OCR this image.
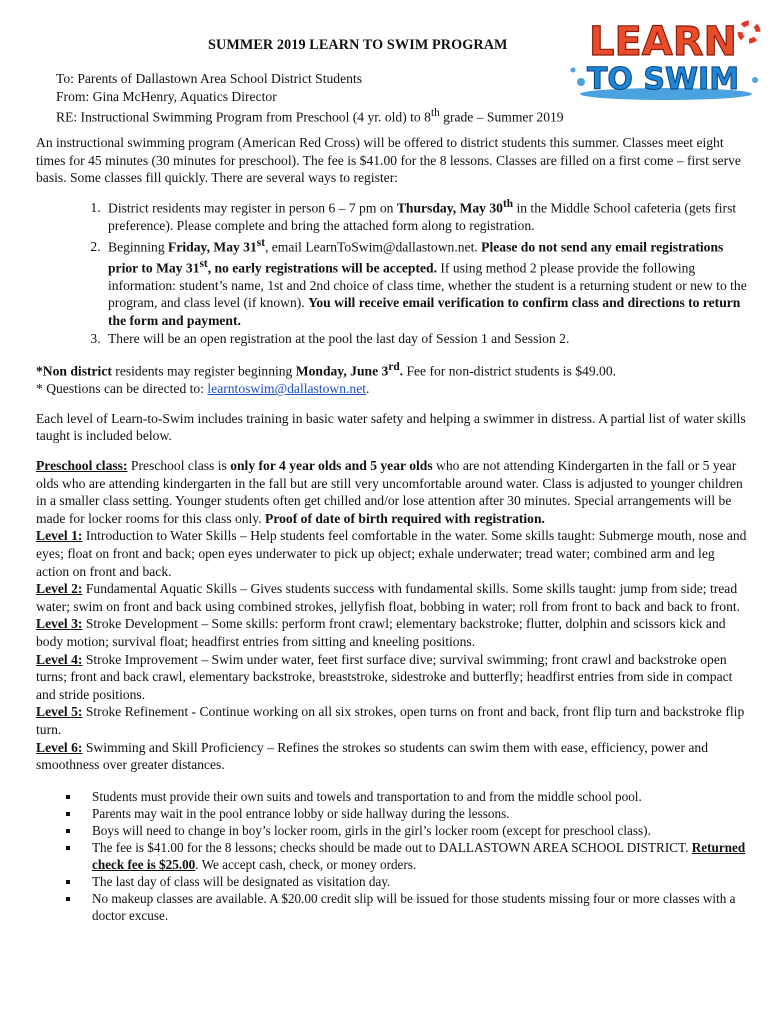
LEARN
TO SWIM
SUMMER 2019 LEARN TO SWIM PROGRAM
To: Parents of Dallastown Area School District Students
From: Gina McHenry, Aquatics Director
RE: Instructional Swimming Program from Preschool (4 yr. old) to 8th grade – Summer 2019

An instructional swimming program (American Red Cross) will be offered to district students this summer. Classes meet eight times for 45 minutes (30 minutes for preschool). The fee is $41.00 for the 8 lessons. Classes are filled on a first come – first serve basis. Some classes fill quickly. There are several ways to register:

1. District residents may register in person 6 – 7 pm on Thursday, May 30th in the Middle School cafeteria (gets first preference). Please complete and bring the attached form along to registration.
2. Beginning Friday, May 31st, email LearnToSwim@dallastown.net. Please do not send any email registrations prior to May 31st, no early registrations will be accepted. If using method 2 please provide the following information: student’s name, 1st and 2nd choice of class time, whether the student is a returning student or new to the program, and class level (if known). You will receive email verification to confirm class and directions to return the form and payment.
3. There will be an open registration at the pool the last day of Session 1 and Session 2.

*Non district residents may register beginning Monday, June 3rd. Fee for non-district students is $49.00.

* Questions can be directed to: learntoswim@dallastown.net.

Each level of Learn-to-Swim includes training in basic water safety and helping a swimmer in distress. A partial list of water skills taught is included below.

Preschool class: Preschool class is only for 4 year olds and 5 year olds who are not attending Kindergarten in the fall or 5 year olds who are attending kindergarten in the fall but are still very uncomfortable around water. Class is adjusted to younger children in a smaller class setting. Younger students often get chilled and/or lose attention after 30 minutes. Special arrangements will be made for locker rooms for this class only. Proof of date of birth required with registration.

Level 1: Introduction to Water Skills – Help students feel comfortable in the water. Some skills taught: Submerge mouth, nose and eyes; float on front and back; open eyes underwater to pick up object; exhale underwater; tread water; combined arm and leg action on front and back.

Level 2: Fundamental Aquatic Skills – Gives students success with fundamental skills. Some skills taught: jump from side; tread water; swim on front and back using combined strokes, jellyfish float, bobbing in water; roll from front to back and back to front.

Level 3: Stroke Development – Some skills: perform front crawl; elementary backstroke; flutter, dolphin and scissors kick and body motion; survival float; headfirst entries from sitting and kneeling positions.

Level 4: Stroke Improvement – Swim under water, feet first surface dive; survival swimming; front crawl and backstroke open turns; front and back crawl, elementary backstroke, breaststroke, sidestroke and butterfly; headfirst entries from side in compact and stride positions.

Level 5: Stroke Refinement - Continue working on all six strokes, open turns on front and back, front flip turn and backstroke flip turn.

Level 6: Swimming and Skill Proficiency – Refines the strokes so students can swim them with ease, efficiency, power and smoothness over greater distances.

▪ Students must provide their own suits and towels and transportation to and from the middle school pool.
▪ Parents may wait in the pool entrance lobby or side hallway during the lessons.
▪ Boys will need to change in boy’s locker room, girls in the girl’s locker room (except for preschool class).
▪ The fee is $41.00 for the 8 lessons; checks should be made out to DALLASTOWN AREA SCHOOL DISTRICT. Returned check fee is $25.00. We accept cash, check, or money orders.
▪ The last day of class will be designated as visitation day.
▪ No makeup classes are available. A $20.00 credit slip will be issued for those students missing four or more classes with a doctor excuse.
